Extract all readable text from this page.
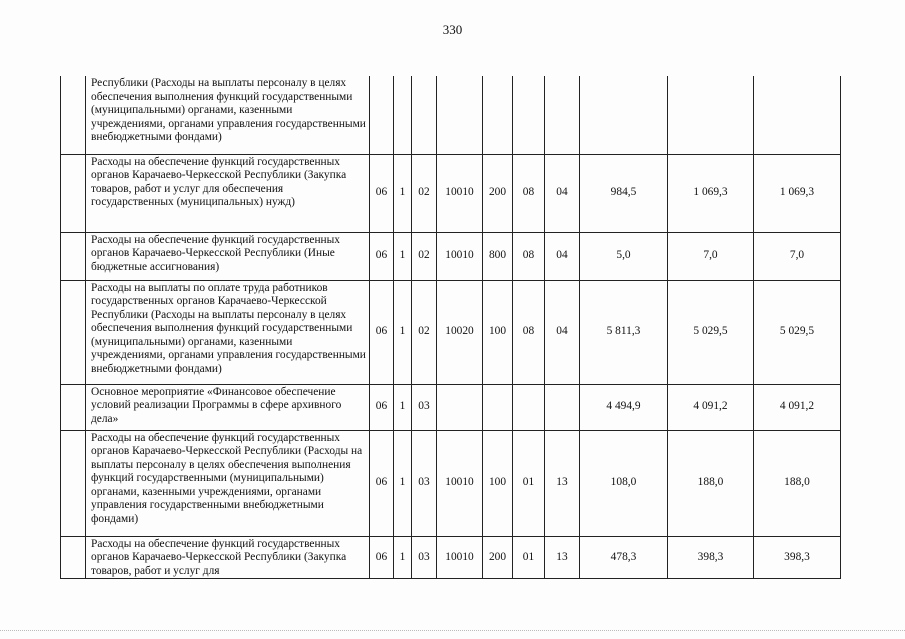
330
	Республики (Расходы на выплаты персоналу в целях обеспечения выполнения функций государственными (муниципальными) органами, казенными учреждениями, органами управления государственными внебюджетными фондами)										
	Расходы на обеспечение функций государственных органов Карачаево-Черкесской Республики (Закупка товаров, работ и услуг для обеспечения государственных (муниципальных) нужд)	06	1	02	10010	200	08	04	984,5	1 069,3	1 069,3
	Расходы на обеспечение функций государственных органов Карачаево-Черкесской Республики (Иные бюджетные ассигнования)	06	1	02	10010	800	08	04	5,0	7,0	7,0
	Расходы на выплаты по оплате труда работников государственных органов Карачаево-Черкесской Республики (Расходы на выплаты персоналу в целях обеспечения выполнения функций государственными (муниципальными) органами, казенными учреждениями, органами управления государственными внебюджетными фондами)	06	1	02	10020	100	08	04	5 811,3	5 029,5	5 029,5
	Основное мероприятие «Финансовое обеспечение условий реализации Программы в сфере архивного дела»	06	1	03					4 494,9	4 091,2	4 091,2
	Расходы на обеспечение функций государственных органов Карачаево-Черкесской Республики (Расходы на выплаты персоналу в целях обеспечения выполнения функций государственными (муниципальными) органами, казенными учреждениями, органами управления государственными внебюджетными фондами)	06	1	03	10010	100	01	13	108,0	188,0	188,0
	Расходы на обеспечение функций государственных органов Карачаево-Черкесской Республики (Закупка товаров, работ и услуг для	06	1	03	10010	200	01	13	478,3	398,3	398,3
